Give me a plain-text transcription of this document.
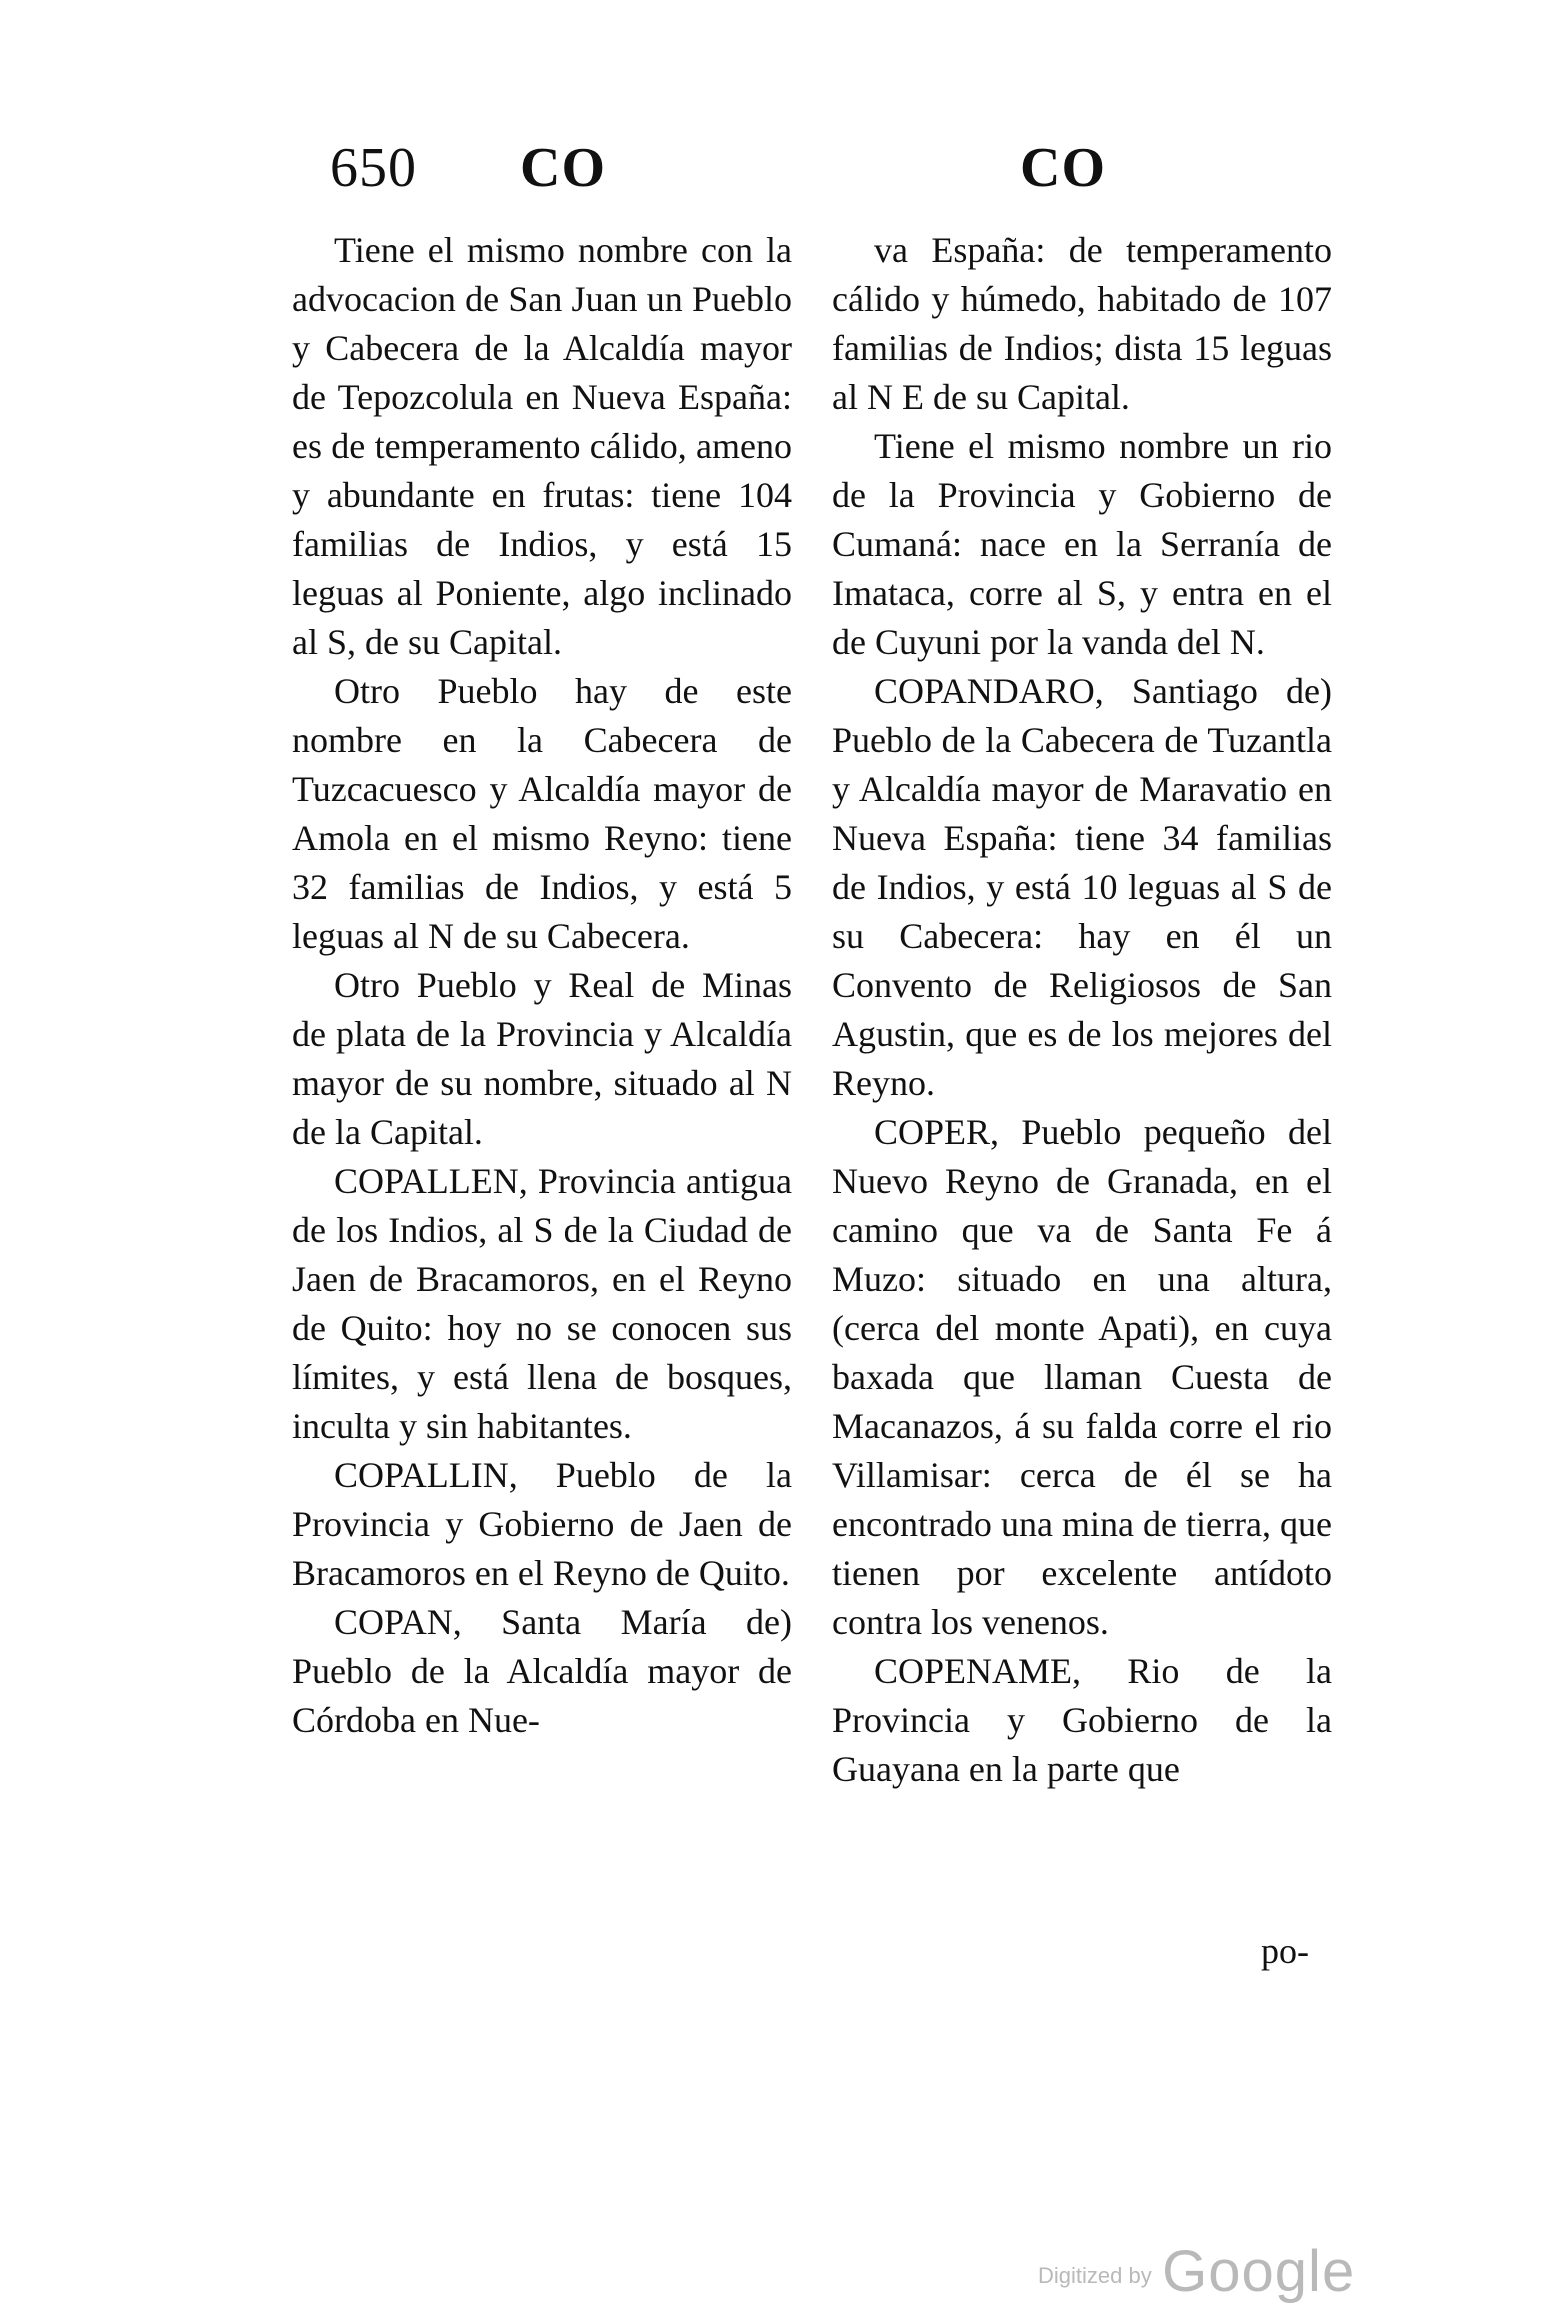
650 CO	CO

Tiene el mismo nombre con la advocacion de San Juan un Pueblo y Cabecera de la Alcaldía mayor de Tepozcolula en Nueva España: es de temperamento cálido, ameno y abundante en frutas: tiene 104 familias de Indios, y está 15 leguas al Poniente, algo inclinado al S, de su Capital.

Otro Pueblo hay de este nombre en la Cabecera de Tuzcacuesco y Alcaldía mayor de Amola en el mismo Reyno: tiene 32 familias de Indios, y está 5 leguas al N de su Cabecera.

Otro Pueblo y Real de Minas de plata de la Provincia y Alcaldía mayor de su nombre, situado al N de la Capital.

COPALLEN, Provincia antigua de los Indios, al S de la Ciudad de Jaen de Bracamoros, en el Reyno de Quito: hoy no se conocen sus límites, y está llena de bosques, inculta y sin habitantes.

COPALLIN, Pueblo de la Provincia y Gobierno de Jaen de Bracamoros en el Reyno de Quito.

COPAN, Santa María de) Pueblo de la Alcaldía mayor de Córdoba en Nue-

va España: de temperamento cálido y húmedo, habitado de 107 familias de Indios; dista 15 leguas al N E de su Capital.

Tiene el mismo nombre un rio de la Provincia y Gobierno de Cumaná: nace en la Serranía de Imataca, corre al S, y entra en el de Cuyuni por la vanda del N.

COPANDARO, Santiago de) Pueblo de la Cabecera de Tuzantla y Alcaldía mayor de Maravatio en Nueva España: tiene 34 familias de Indios, y está 10 leguas al S de su Cabecera: hay en él un Convento de Religiosos de San Agustin, que es de los mejores del Reyno.

COPER, Pueblo pequeño del Nuevo Reyno de Granada, en el camino que va de Santa Fe á Muzo: situado en una altura, (cerca del monte Apati), en cuya baxada que llaman Cuesta de Macanazos, á su falda corre el rio Villamisar: cerca de él se ha encontrado una mina de tierra, que tienen por excelente antídoto contra los venenos.

COPENAME, Rio de la Provincia y Gobierno de la Guayana en la parte que

po-
Digitized by Google
